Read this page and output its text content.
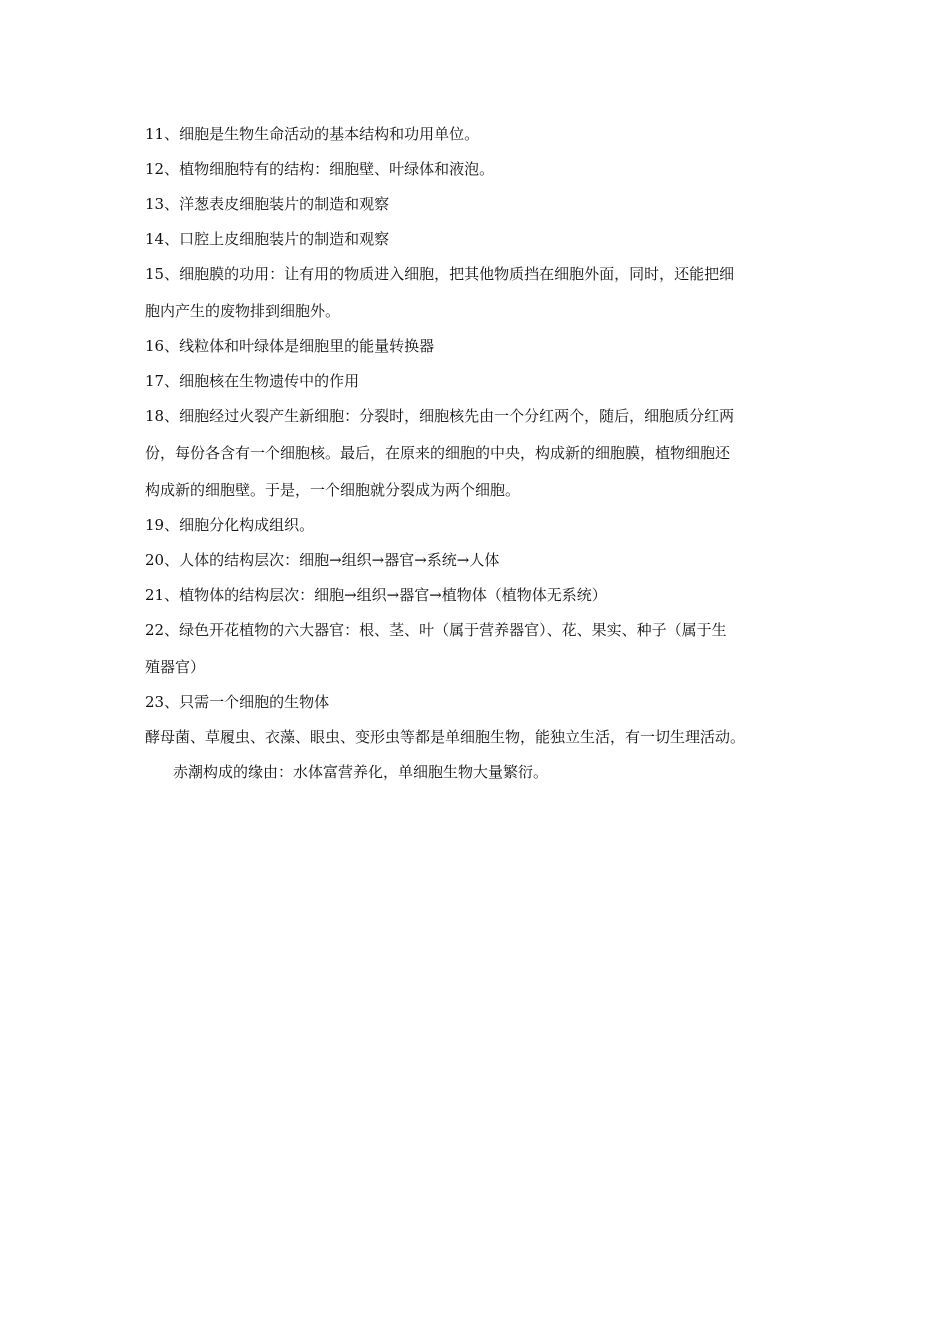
11、细胞是生物生命活动的基本结构和功用单位。
12、植物细胞特有的结构：细胞壁、叶绿体和液泡。
13、洋葱表皮细胞装片的制造和观察
14、口腔上皮细胞装片的制造和观察
15、细胞膜的功用：让有用的物质进入细胞，把其他物质挡在细胞外面，同时，还能把细
胞内产生的废物排到细胞外。
16、线粒体和叶绿体是细胞里的能量转换器
17、细胞核在生物遗传中的作用
18、细胞经过火裂产生新细胞：分裂时，细胞核先由一个分红两个，随后，细胞质分红两
份，每份各含有一个细胞核。最后，在原来的细胞的中央，构成新的细胞膜，植物细胞还
构成新的细胞壁。于是，一个细胞就分裂成为两个细胞。
19、细胞分化构成组织。
20、人体的结构层次：细胞→组织→器官→系统→人体
21、植物体的结构层次：细胞→组织→器官→植物体（植物体无系统）
22、绿色开花植物的六大器官：根、茎、叶（属于营养器官）、花、果实、种子（属于生
殖器官）
23、只需一个细胞的生物体
酵母菌、草履虫、衣藻、眼虫、变形虫等都是单细胞生物，能独立生活，有一切生理活动。
赤潮构成的缘由：水体富营养化，单细胞生物大量繁衍。
